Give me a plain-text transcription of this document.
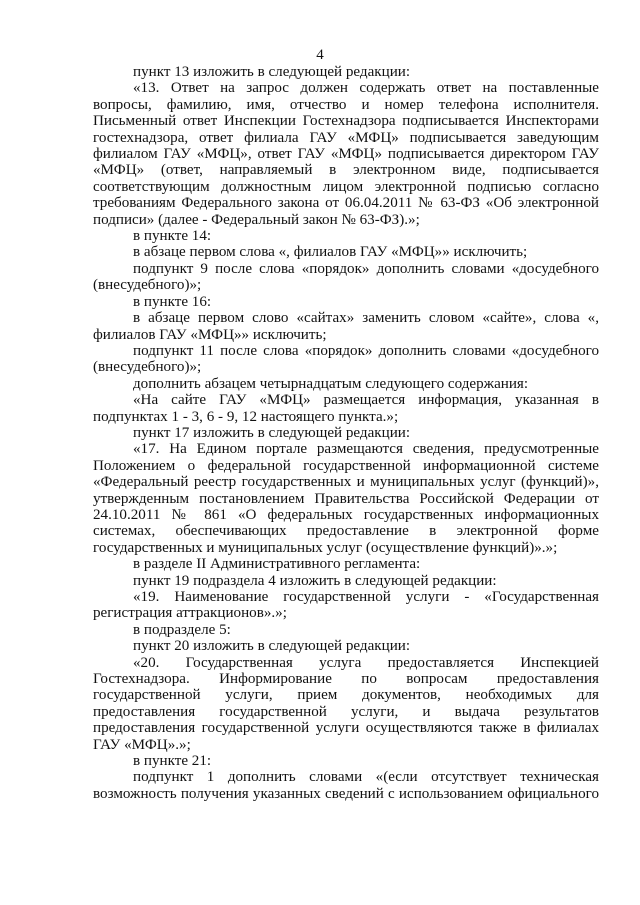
4

пункт 13 изложить в следующей редакции:

«13. Ответ на запрос должен содержать ответ на поставленные вопросы, фамилию, имя, отчество и номер телефона исполнителя. Письменный ответ Инспекции Гостехнадзора подписывается Инспекторами гостехнадзора, ответ филиала ГАУ «МФЦ» подписывается заведующим филиалом ГАУ «МФЦ», ответ ГАУ «МФЦ» подписывается директором ГАУ «МФЦ» (ответ, направляемый в электронном виде, подписывается соответствующим должностным лицом электронной подписью согласно требованиям Федерального закона от 06.04.2011 № 63-ФЗ «Об электронной подписи» (далее - Федеральный закон № 63-ФЗ).»;

в пункте 14:

в абзаце первом слова «, филиалов ГАУ «МФЦ»» исключить;

подпункт 9 после слова «порядок» дополнить словами «досудебного (внесудебного)»;

в пункте 16:

в абзаце первом слово «сайтах» заменить словом «сайте», слова «, филиалов ГАУ «МФЦ»» исключить;

подпункт 11 после слова «порядок» дополнить словами «досудебного (внесудебного)»;

дополнить абзацем четырнадцатым следующего содержания:

«На сайте ГАУ «МФЦ» размещается информация, указанная в подпунктах 1 - 3, 6 - 9, 12 настоящего пункта.»;

пункт 17 изложить в следующей редакции:

«17. На Едином портале размещаются сведения, предусмотренные Положением о федеральной государственной информационной системе «Федеральный реестр государственных и муниципальных услуг (функций)», утвержденным постановлением Правительства Российской Федерации от 24.10.2011 № 861 «О федеральных государственных информационных системах, обеспечивающих предоставление в электронной форме государственных и муниципальных услуг (осуществление функций)».»;

в разделе II Административного регламента:

пункт 19 подраздела 4 изложить в следующей редакции:

«19. Наименование государственной услуги - «Государственная регистрация аттракционов».»;

в подразделе 5:

пункт 20 изложить в следующей редакции:

«20. Государственная услуга предоставляется Инспекцией Гостехнадзора. Информирование по вопросам предоставления государственной услуги, прием документов, необходимых для предоставления государственной услуги, и выдача результатов предоставления государственной услуги осуществляются также в филиалах ГАУ «МФЦ».»;

в пункте 21:

подпункт 1 дополнить словами «(если отсутствует техническая возможность получения указанных сведений с использованием официального
